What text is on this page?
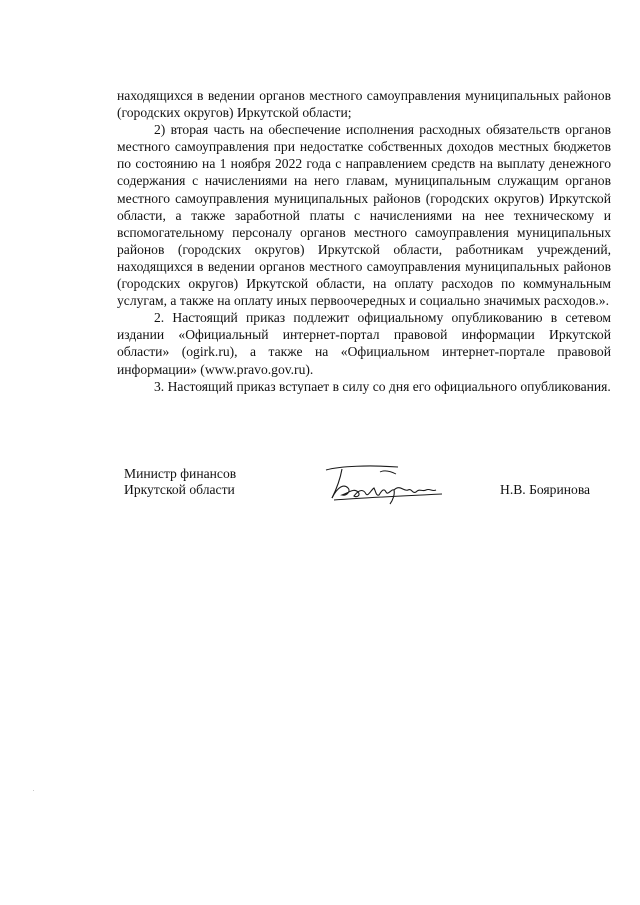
находящихся в ведении органов местного самоуправления муниципальных районов (городских округов) Иркутской области;

2) вторая часть на обеспечение исполнения расходных обязательств органов местного самоуправления при недостатке собственных доходов местных бюджетов по состоянию на 1 ноября 2022 года с направлением средств на выплату денежного содержания с начислениями на него главам, муниципальным служащим органов местного самоуправления муниципальных районов (городских округов) Иркутской области, а также заработной платы с начислениями на нее техническому и вспомогательному персоналу органов местного самоуправления муниципальных районов (городских округов) Иркутской области, работникам учреждений, находящихся в ведении органов местного самоуправления муниципальных районов (городских округов) Иркутской области, на оплату расходов по коммунальным услугам, а также на оплату иных первоочередных и социально значимых расходов.».

2. Настоящий приказ подлежит официальному опубликованию в сетевом издании «Официальный интернет-портал правовой информации Иркутской области» (ogirk.ru), а также на «Официальном интернет-портале правовой информации» (www.pravo.gov.ru).

3. Настоящий приказ вступает в силу со дня его официального опубликования.

Министр финансов
Иркутской области	Н.В. Бояринова
